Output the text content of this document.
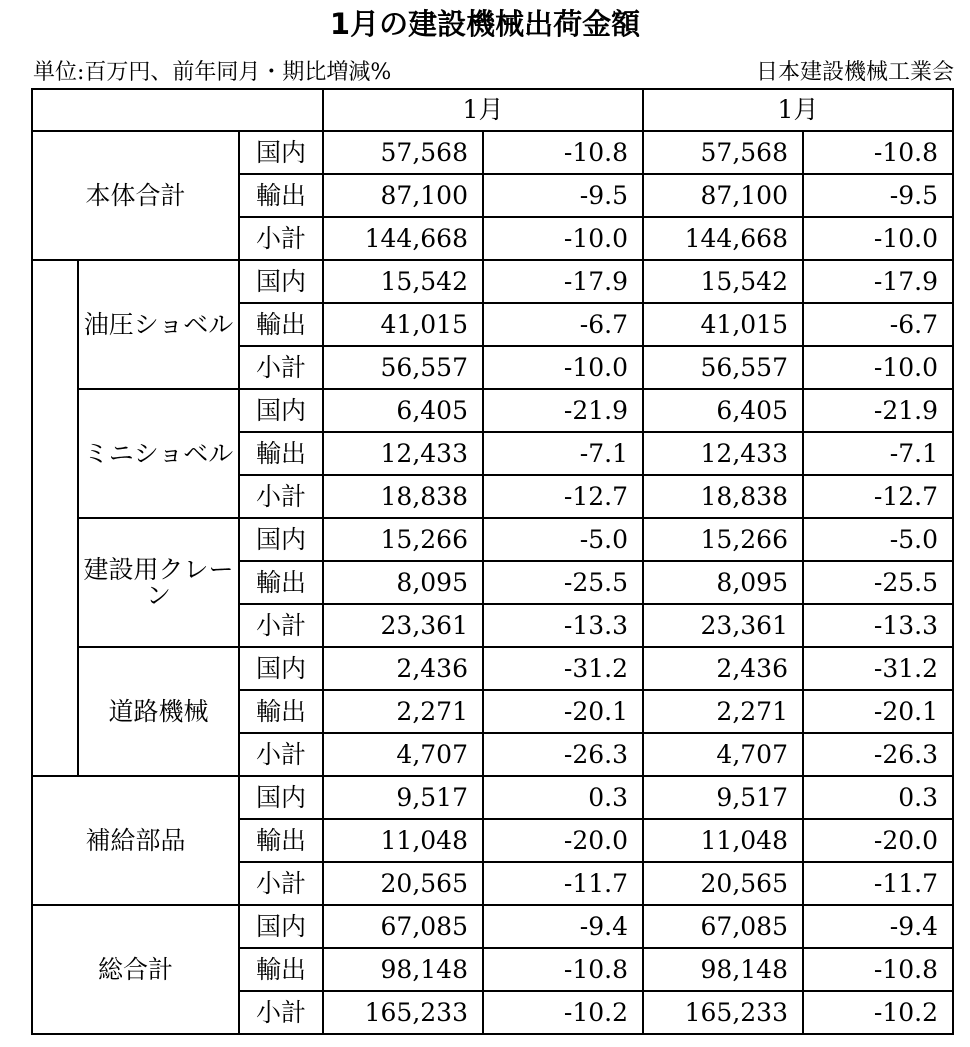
1月の建設機械出荷金額
単位:百万円、前年同月・期比増減%	日本建設機械工業会
			1月		1月	
本体合計		国内	57,568	-10.8	57,568	-10.8
		輸出	87,100	-9.5	87,100	-9.5
		小計	144,668	-10.0	144,668	-10.0
	油圧ショベル	国内	15,542	-17.9	15,542	-17.9
		輸出	41,015	-6.7	41,015	-6.7
		小計	56,557	-10.0	56,557	-10.0
	ミニショベル	国内	6,405	-21.9	6,405	-21.9
		輸出	12,433	-7.1	12,433	-7.1
		小計	18,838	-12.7	18,838	-12.7
	建設用クレーン	国内	15,266	-5.0	15,266	-5.0
		輸出	8,095	-25.5	8,095	-25.5
		小計	23,361	-13.3	23,361	-13.3
	道路機械	国内	2,436	-31.2	2,436	-31.2
		輸出	2,271	-20.1	2,271	-20.1
		小計	4,707	-26.3	4,707	-26.3
補給部品		国内	9,517	0.3	9,517	0.3
		輸出	11,048	-20.0	11,048	-20.0
		小計	20,565	-11.7	20,565	-11.7
総合計		国内	67,085	-9.4	67,085	-9.4
		輸出	98,148	-10.8	98,148	-10.8
		小計	165,233	-10.2	165,233	-10.2
